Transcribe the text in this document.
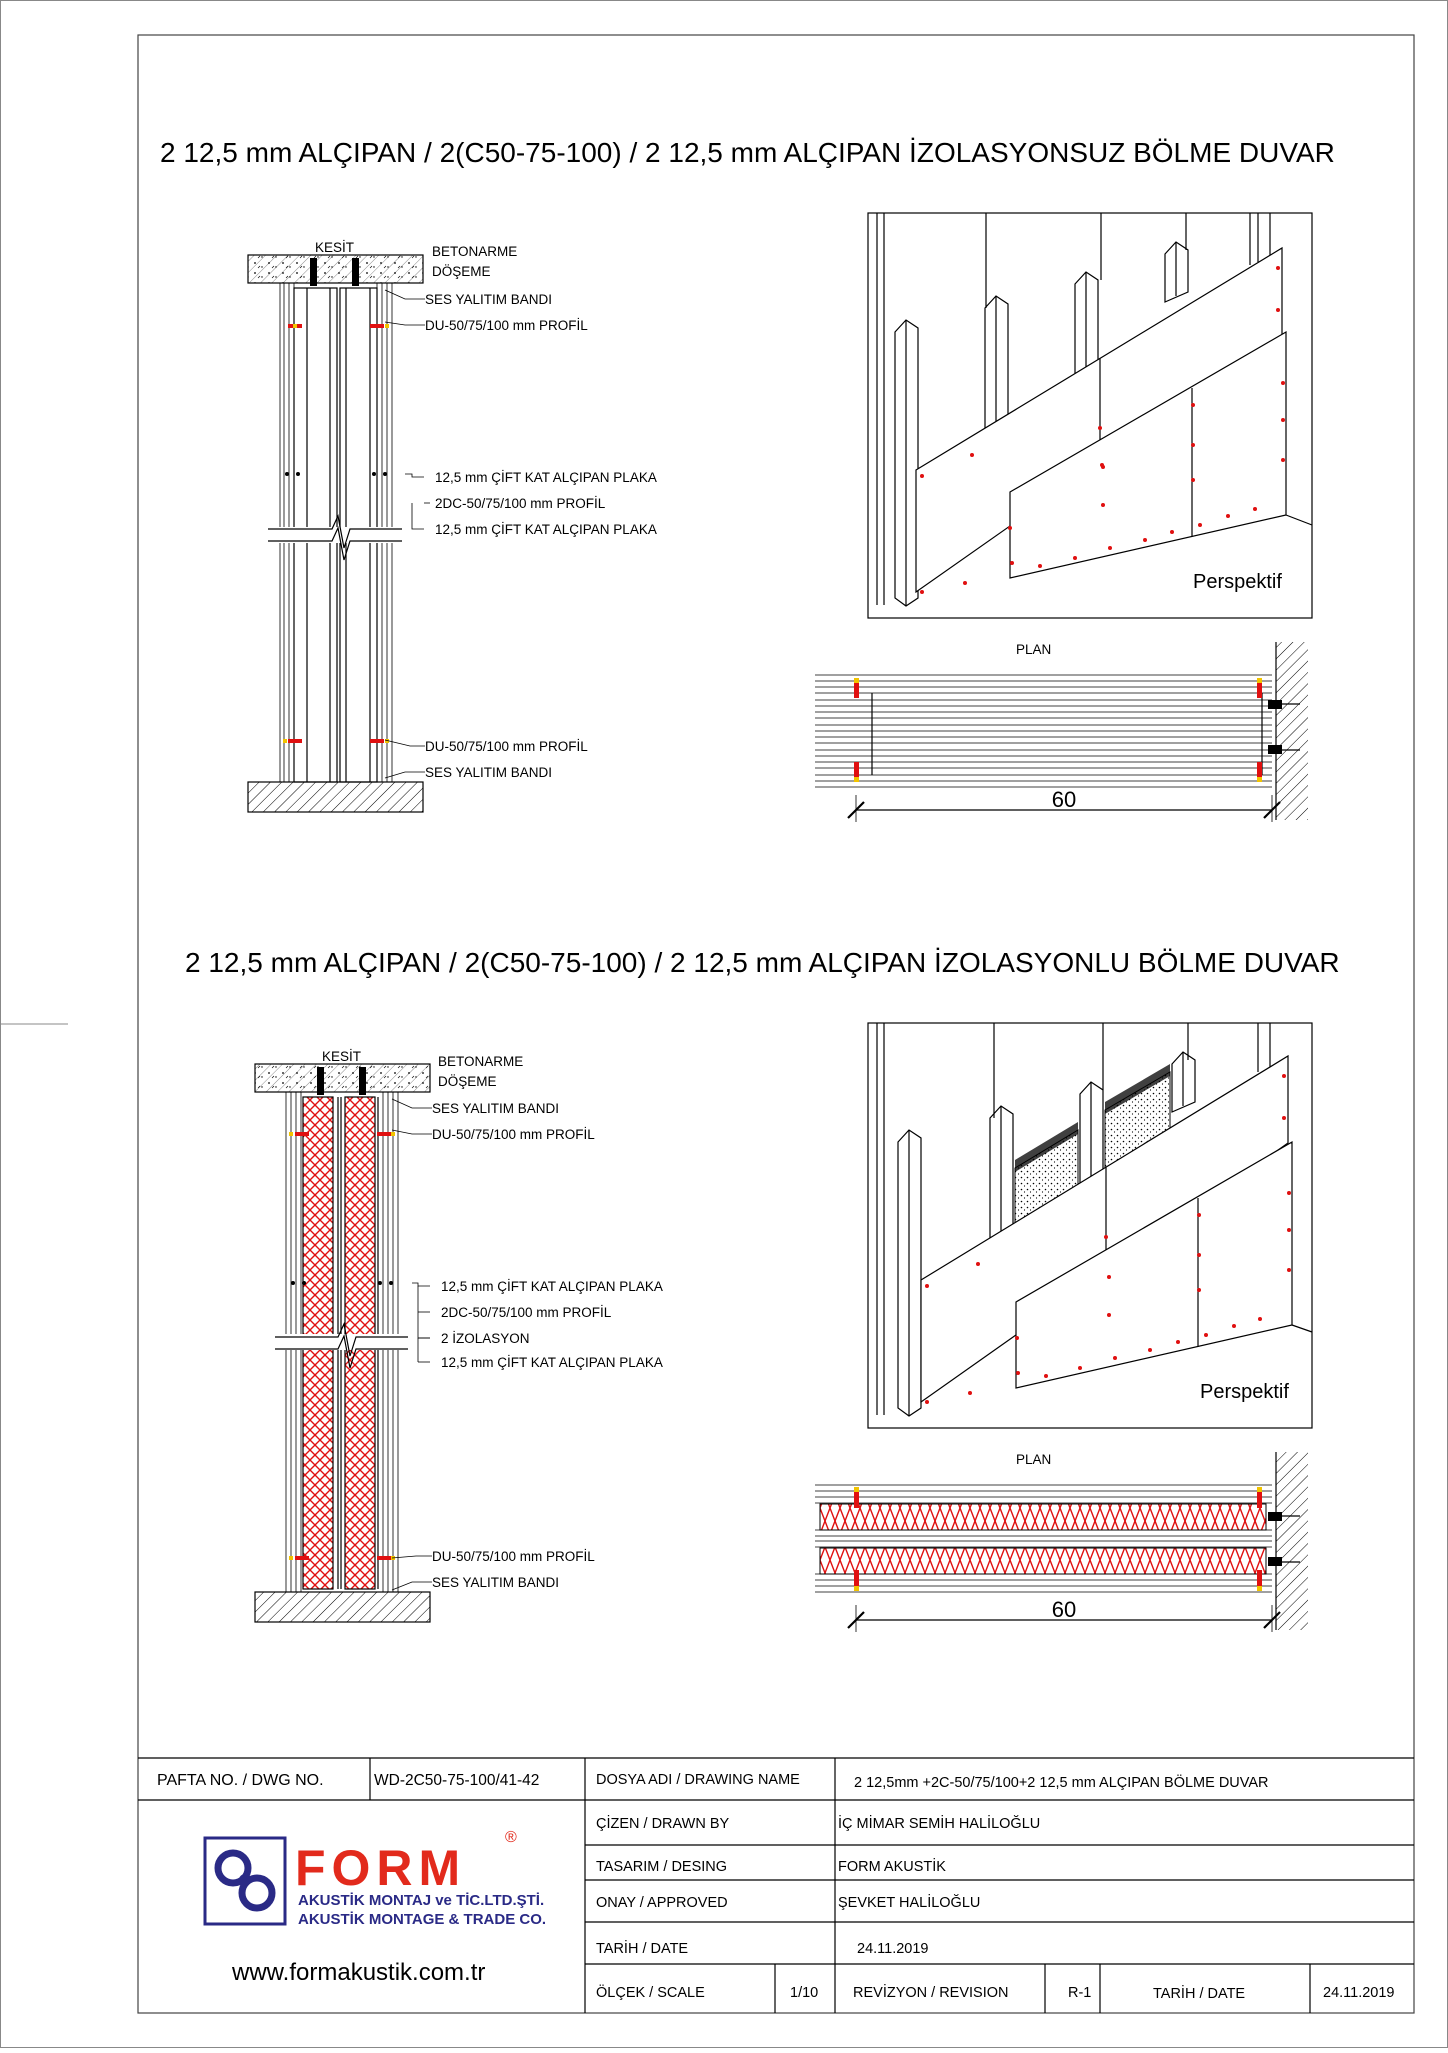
2 12,5 mm ALÇIPAN / 2(C50-75-100) / 2 12,5 mm ALÇIPAN İZOLASYONSUZ BÖLME DUVAR
KESİT	BETONARME
DÖŞEME
SES YALITIM BANDI
DU-50/75/100 mm PROFİL
12,5 mm ÇİFT KAT ALÇIPAN PLAKA
2DC-50/75/100 mm PROFİL
12,5 mm ÇİFT KAT ALÇIPAN PLAKA
DU-50/75/100 mm PROFİL
SES YALITIM BANDI
Perspektif
PLAN
60
2 12,5 mm ALÇIPAN / 2(C50-75-100) / 2 12,5 mm ALÇIPAN İZOLASYONLU BÖLME DUVAR
KESİT	BETONARME
DÖŞEME
SES YALITIM BANDI
DU-50/75/100 mm PROFİL
12,5 mm ÇİFT KAT ALÇIPAN PLAKA
2DC-50/75/100 mm PROFİL
2 İZOLASYON
12,5 mm ÇİFT KAT ALÇIPAN PLAKA
DU-50/75/100 mm PROFİL
SES YALITIM BANDI
Perspektif
PLAN
60
PAFTA NO. / DWG NO.	WD-2C50-75-100/41-42	DOSYA ADI / DRAWING NAME	2 12,5mm +2C-50/75/100+2 12,5 mm ALÇIPAN BÖLME DUVAR
ÇİZEN / DRAWN BY	İÇ MİMAR SEMİH HALİLOĞLU
TASARIM / DESING	FORM AKUSTİK
ONAY / APPROVED	ŞEVKET HALİLOĞLU
TARİH / DATE	24.11.2019
ÖLÇEK / SCALE	1/10 REVİZYON / REVISION	R-1	TARİH / DATE	24.11.2019
FORM
®
AKUSTİK MONTAJ ve TİC.LTD.ŞTİ.
AKUSTİK MONTAGE & TRADE CO.
www.formakustik.com.tr
